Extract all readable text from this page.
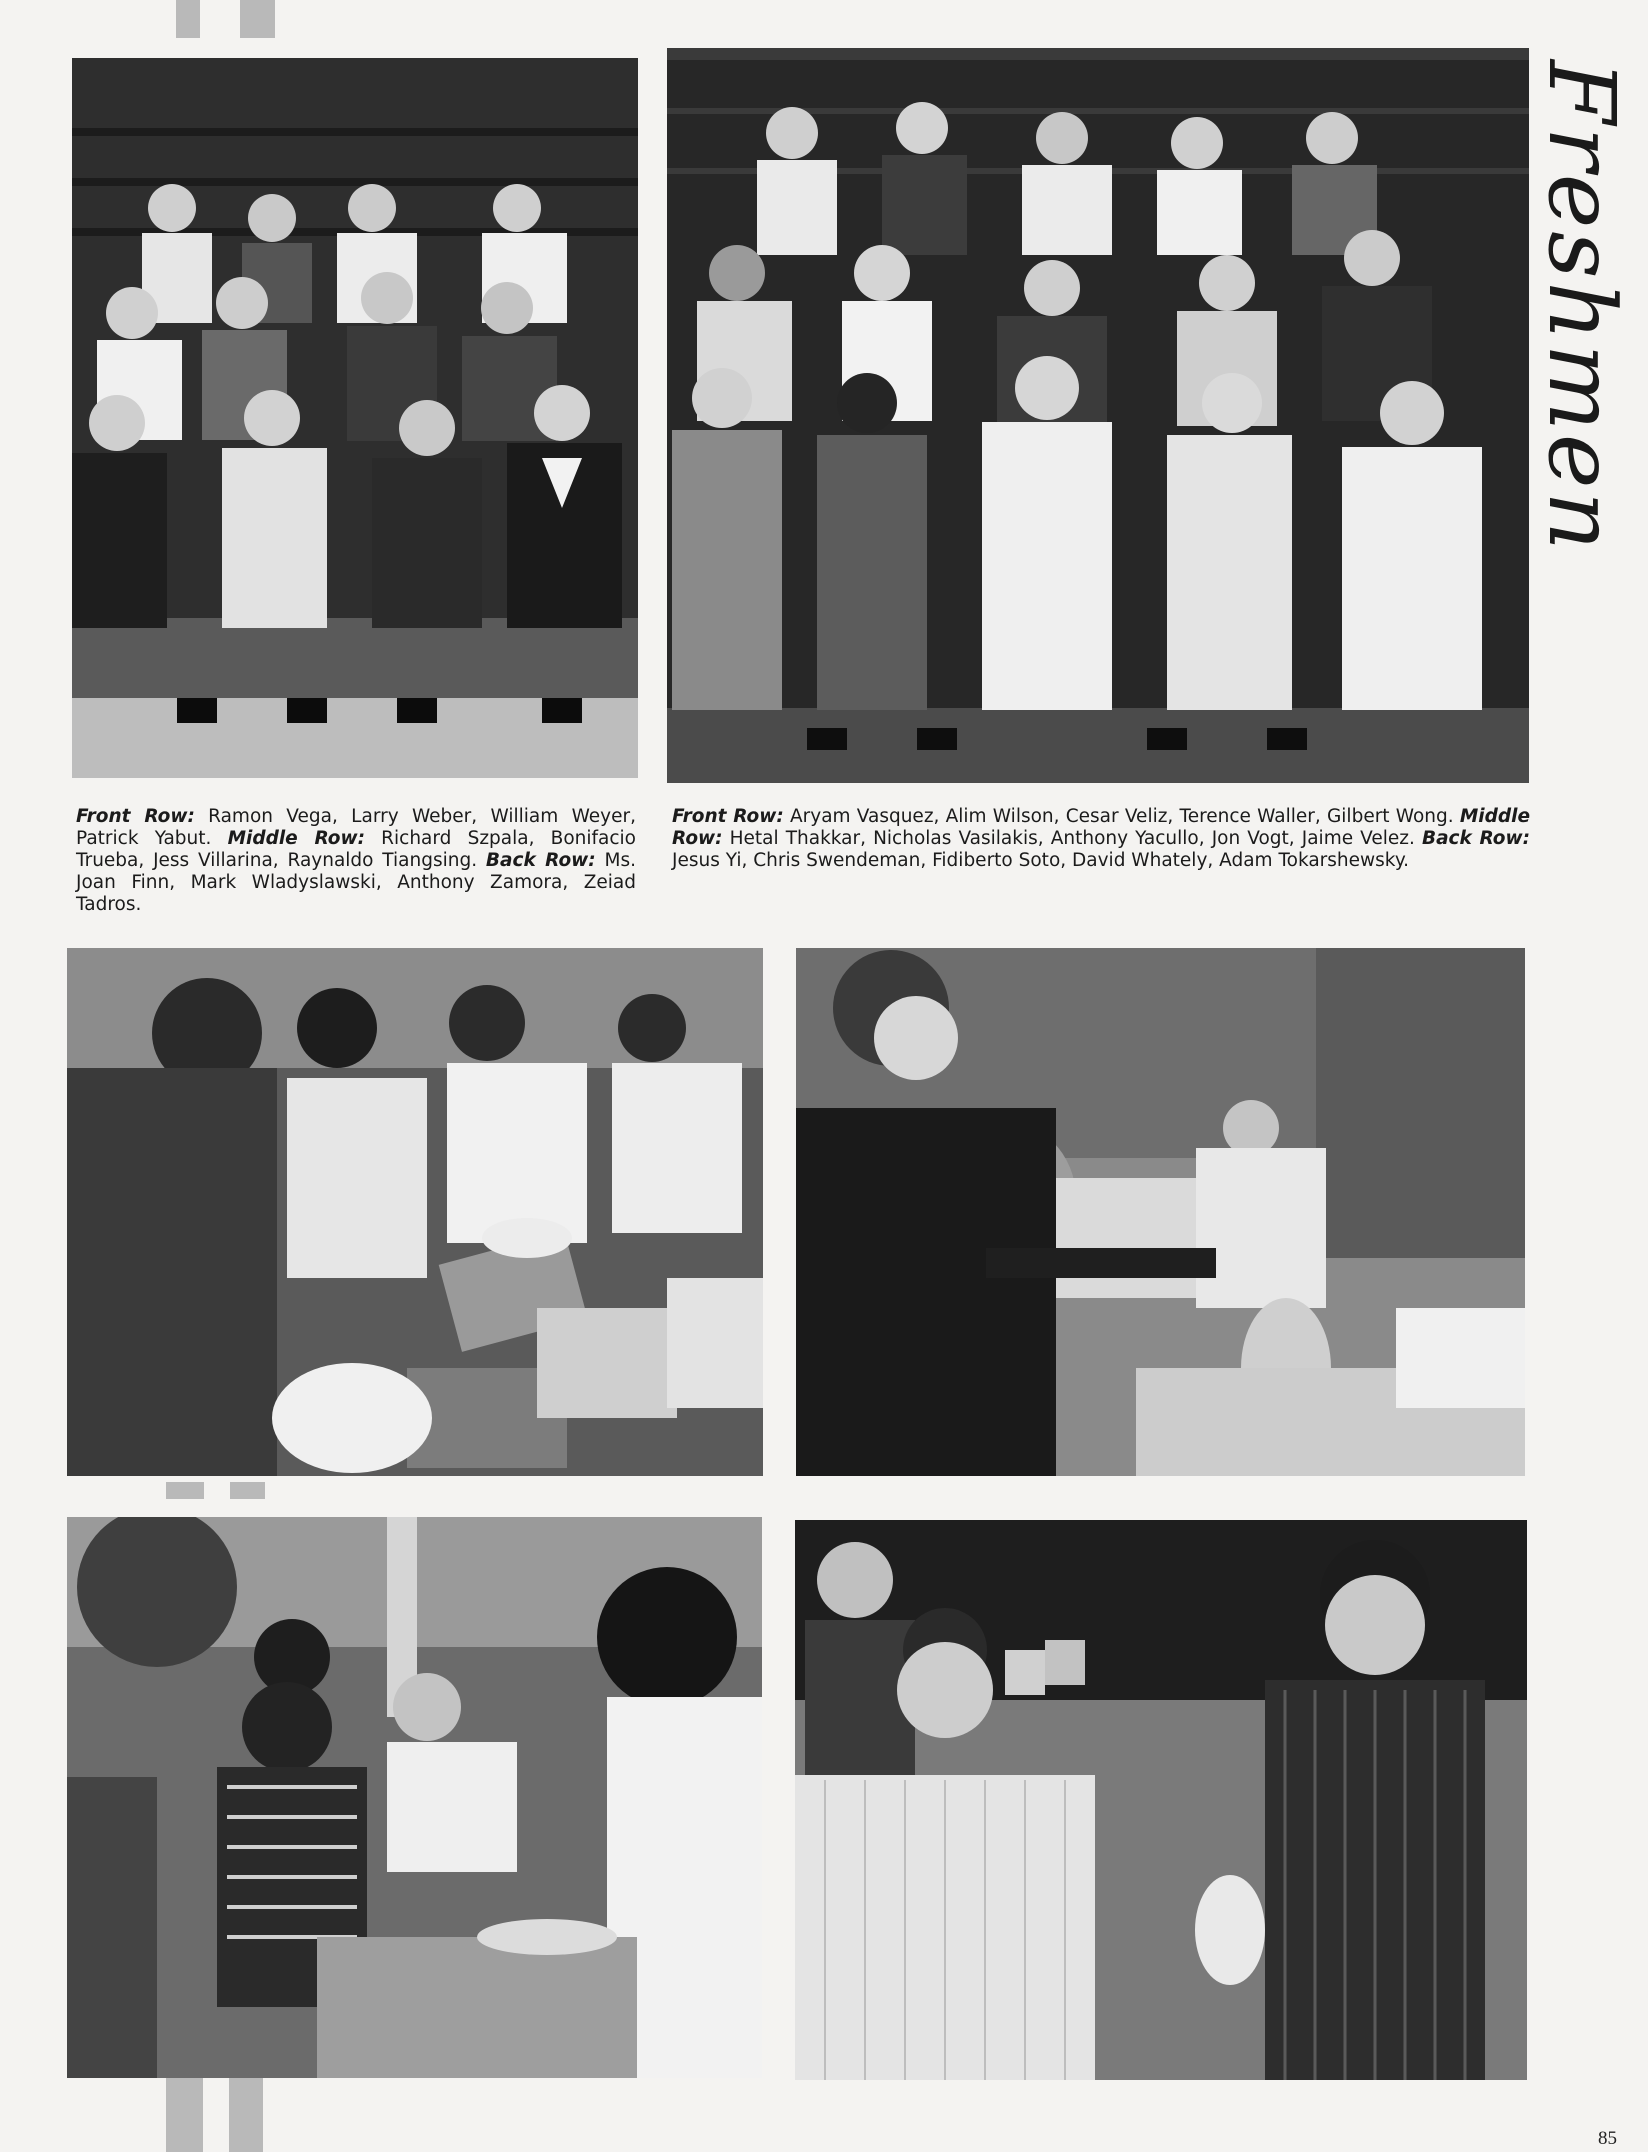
Front Row: Ramon Vega, Larry Weber, William Weyer, Patrick Yabut. Middle Row: Richard Szpala, Bonifacio Trueba, Jess Villarina, Raynaldo Tiangsing. Back Row: Ms. Joan Finn, Mark Wladyslawski, Anthony Zamora, Zeiad Tadros.

Front Row: Aryam Vasquez, Alim Wilson, Cesar Veliz, Terence Waller, Gilbert Wong. Middle Row: Hetal Thakkar, Nicholas Vasilakis, Anthony Yacullo, Jon Vogt, Jaime Velez. Back Row: Jesus Yi, Chris Swendeman, Fidiberto Soto, David Whately, Adam Tokarshewsky.

Freshmen
85
